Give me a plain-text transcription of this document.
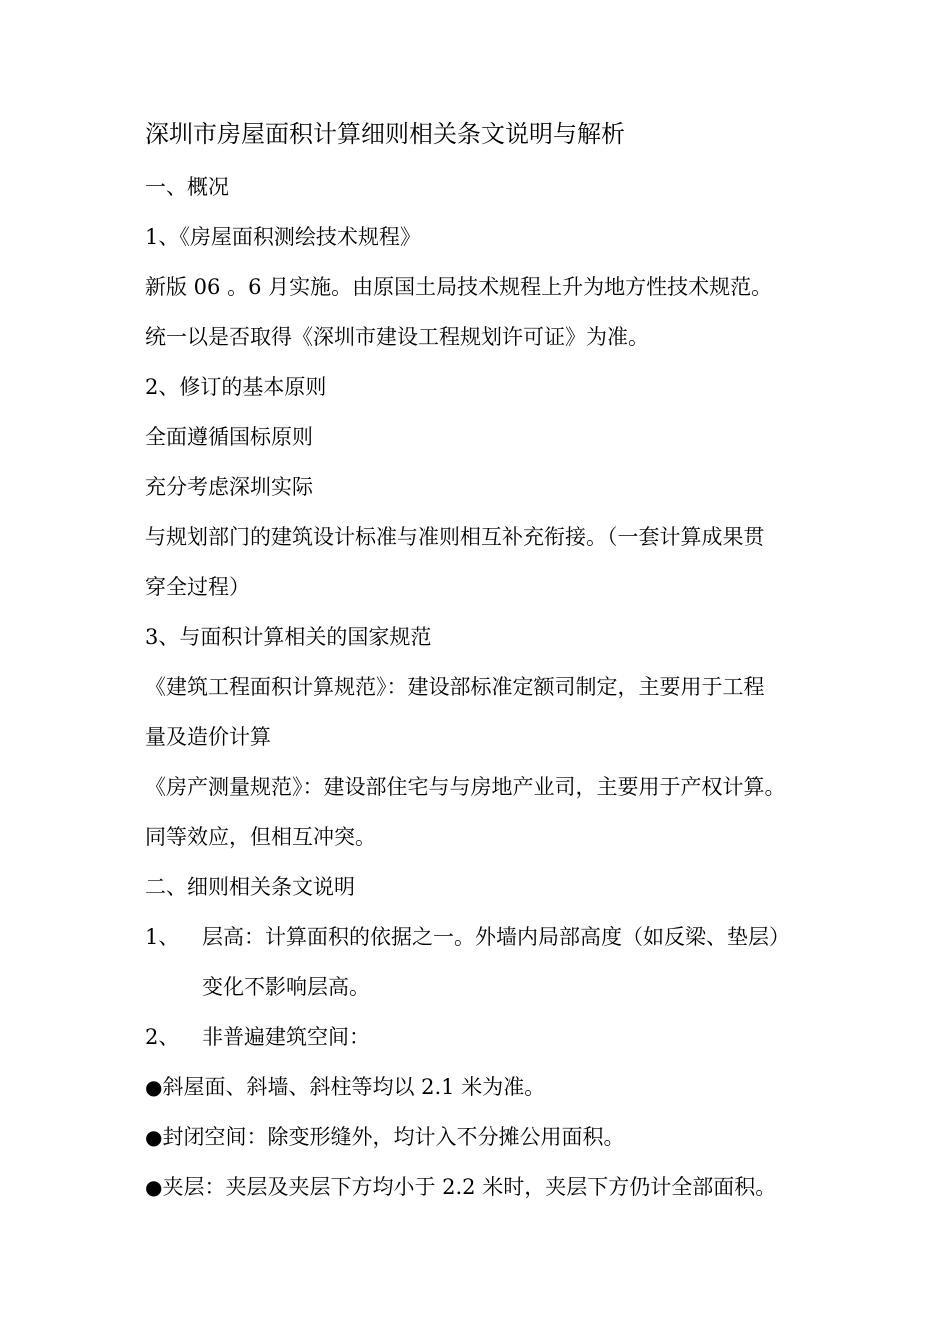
深圳市房屋面积计算细则相关条文说明与解析
一、概况
1、《房屋面积测绘技术规程》
新版 06 。6 月实施。由原国土局技术规程上升为地方性技术规范。
统一以是否取得《深圳市建设工程规划许可证》为准。
2、修订的基本原则
全面遵循国标原则
充分考虑深圳实际
与规划部门的建筑设计标准与准则相互补充衔接。（一套计算成果贯
穿全过程）
3、与面积计算相关的国家规范
《建筑工程面积计算规范》：建设部标准定额司制定，主要用于工程
量及造价计算
《房产测量规范》：建设部住宅与与房地产业司，主要用于产权计算。
同等效应，但相互冲突。
二、细则相关条文说明
1、	层高：计算面积的依据之一。外墙内局部高度（如反梁、垫层）
变化不影响层高。
2、	非普遍建筑空间：
●斜屋面、斜墙、斜柱等均以 2.1 米为准。
●封闭空间：除变形缝外，均计入不分摊公用面积。
●夹层：夹层及夹层下方均小于 2.2 米时，夹层下方仍计全部面积。
